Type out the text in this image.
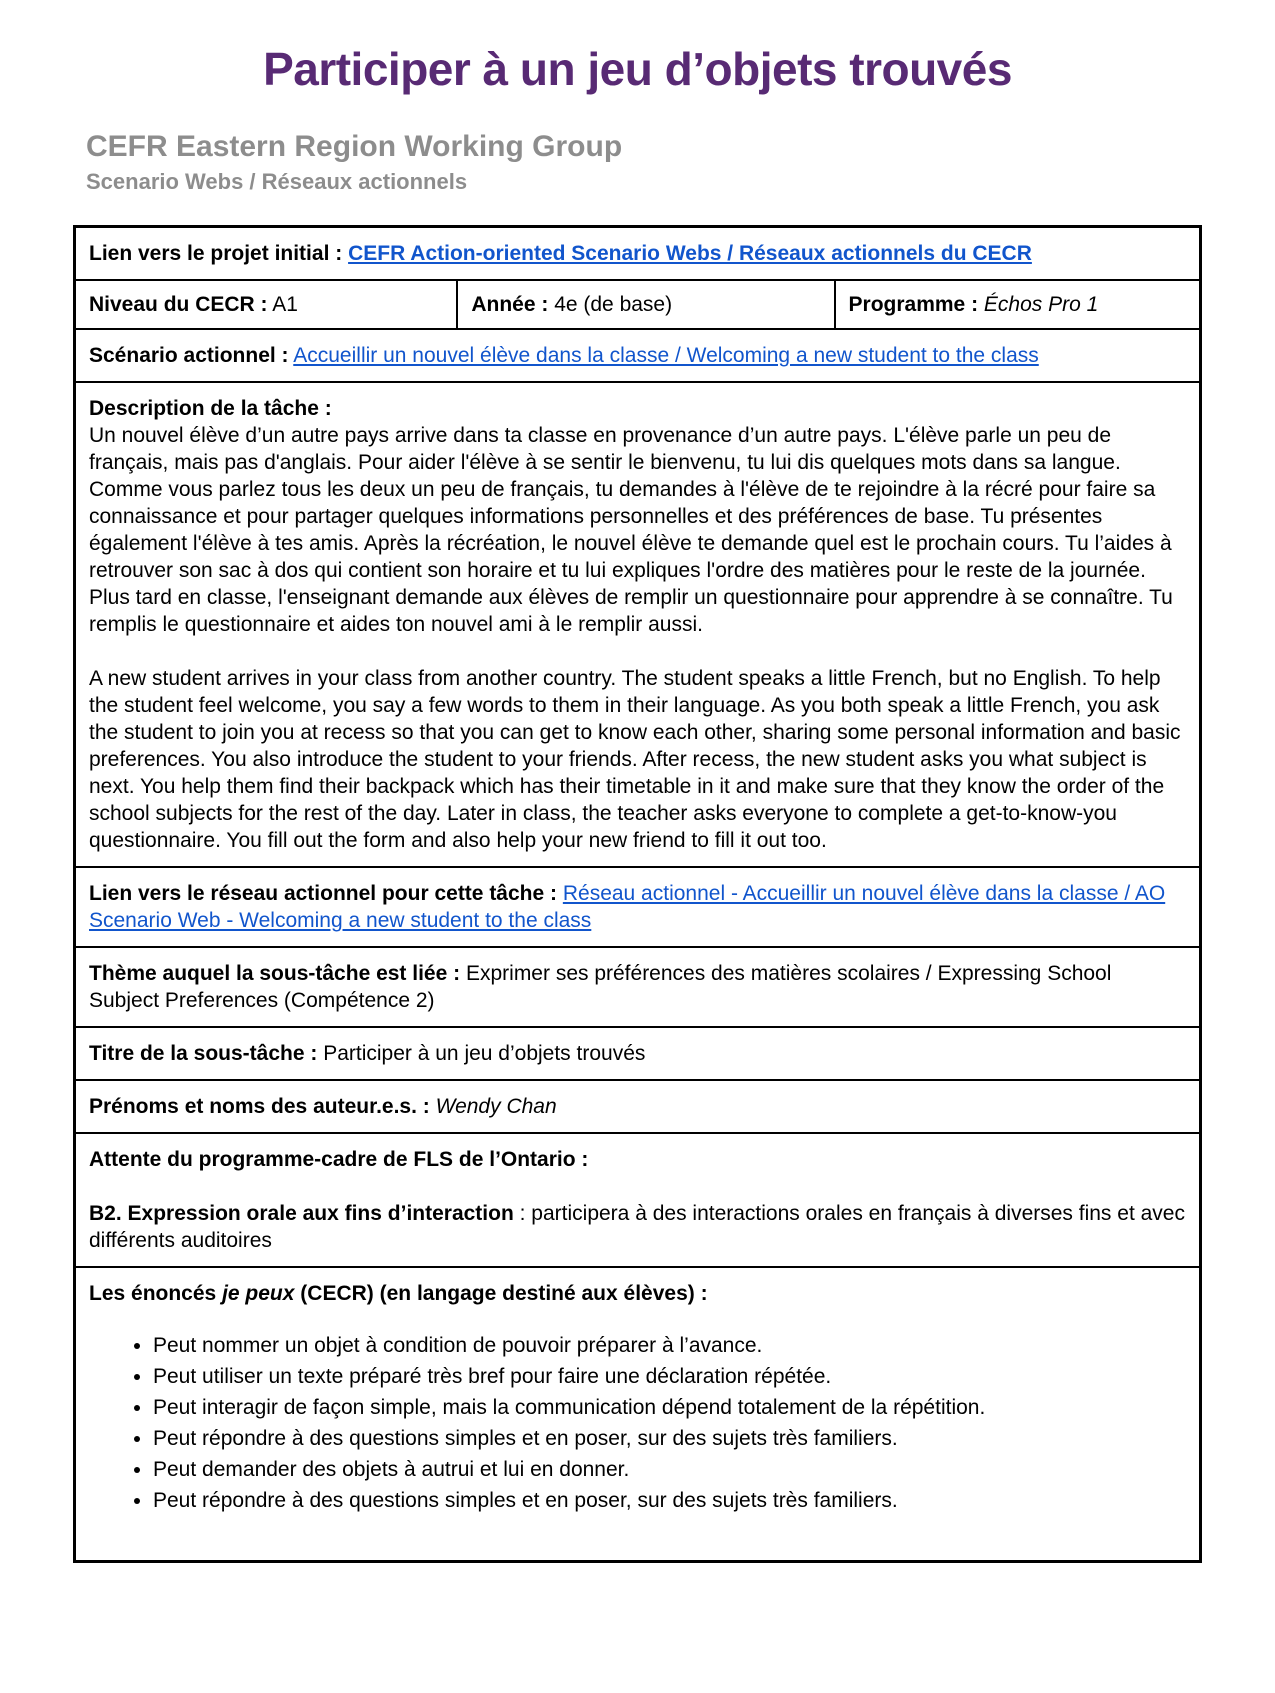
Participer à un jeu d’objets trouvés
CEFR Eastern Region Working Group
Scenario Webs / Réseaux actionnels
Lien vers le projet initial : CEFR Action-oriented Scenario Webs / Réseaux actionnels du CECR
Niveau du CECR : A1	Année : 4e (de base)	Programme : Échos Pro 1
Scénario actionnel : Accueillir un nouvel élève dans la classe / Welcoming a new student to the class

Description de la tâche :

Un nouvel élève d’un autre pays arrive dans ta classe en provenance d’un autre pays. L'élève parle un peu de français, mais pas d'anglais. Pour aider l'élève à se sentir le bienvenu, tu lui dis quelques mots dans sa langue. Comme vous parlez tous les deux un peu de français, tu demandes à l'élève de te rejoindre à la récré pour faire sa connaissance et pour partager quelques informations personnelles et des préférences de base. Tu présentes également l'élève à tes amis. Après la récréation, le nouvel élève te demande quel est le prochain cours. Tu l’aides à retrouver son sac à dos qui contient son horaire et tu lui expliques l'ordre des matières pour le reste de la journée. Plus tard en classe, l'enseignant demande aux élèves de remplir un questionnaire pour apprendre à se connaître. Tu remplis le questionnaire et aides ton nouvel ami à le remplir aussi.

A new student arrives in your class from another country. The student speaks a little French, but no English. To help the student feel welcome, you say a few words to them in their language. As you both speak a little French, you ask the student to join you at recess so that you can get to know each other, sharing some personal information and basic preferences. You also introduce the student to your friends. After recess, the new student asks you what subject is next. You help them find their backpack which has their timetable in it and make sure that they know the order of the school subjects for the rest of the day. Later in class, the teacher asks everyone to complete a get-to-know-you questionnaire. You fill out the form and also help your new friend to fill it out too.

Lien vers le réseau actionnel pour cette tâche : Réseau actionnel - Accueillir un nouvel élève dans la classe / AO Scenario Web - Welcoming a new student to the class
Thème auquel la sous-tâche est liée : Exprimer ses préférences des matières scolaires / Expressing School Subject Preferences (Compétence 2)
Titre de la sous-tâche : Participer à un jeu d’objets trouvés
Prénoms et noms des auteur.e.s. : Wendy Chan

Attente du programme-cadre de FLS de l’Ontario :

B2. Expression orale aux fins d’interaction : participera à des interactions orales en français à diverses fins et avec différents auditoires

Les énoncés je peux (CECR) (en langage destiné aux élèves) :
• Peut nommer un objet à condition de pouvoir préparer à l’avance.
• Peut utiliser un texte préparé très bref pour faire une déclaration répétée.
• Peut interagir de façon simple, mais la communication dépend totalement de la répétition.
• Peut répondre à des questions simples et en poser, sur des sujets très familiers.
• Peut demander des objets à autrui et lui en donner.
• Peut répondre à des questions simples et en poser, sur des sujets très familiers.
